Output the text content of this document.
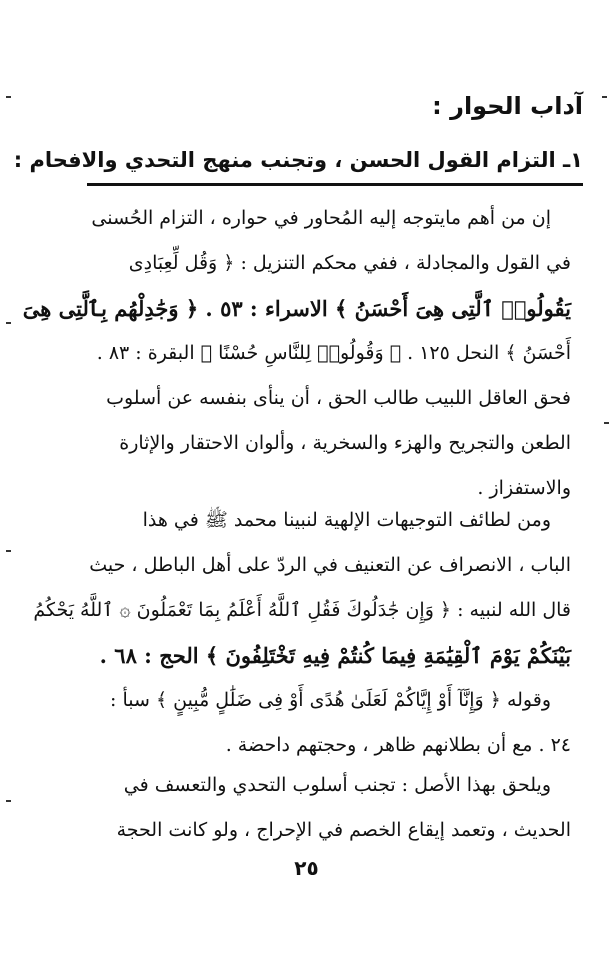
آداب الحوار :
١ـ التزام القول الحسن ، وتجنب منهج التحدي والافحام :
إن من أهم مايتوجه إليه المُحاور في حواره ، التزام الحُسنى
في القول والمجادلة ، ففي محكم التنزيل : ﴿ وَقُل لِّعِبَادِى
يَقُولُوا۟ ٱلَّتِى هِىَ أَحْسَنُ ﴾ الاسراء : ٥٣ . ﴿ وَجَٰدِلْهُم بِٱلَّتِى هِىَ
أَحْسَنُ ﴾ النحل ١٢٥ . ﴿ وَقُولُوا۟ لِلنَّاسِ حُسْنًا ﴾ البقرة : ٨٣ .
فحق العاقل اللبيب طالب الحق ، أن ينأى بنفسه عن أسلوب
الطعن والتجريح والهزء والسخرية ، وألوان الاحتقار والإثارة
والاستفزاز .
ومن لطائف التوجيهات الإلهية لنبينا محمد ﷺ في هذا
الباب ، الانصراف عن التعنيف في الردّ على أهل الباطل ، حيث
قال الله لنبيه : ﴿ وَإِن جَٰدَلُوكَ فَقُلِ ٱللَّهُ أَعْلَمُ بِمَا تَعْمَلُونَ ۞ ٱللَّهُ يَحْكُمُ
بَيْنَكُمْ يَوْمَ ٱلْقِيَٰمَةِ فِيمَا كُنتُمْ فِيهِ تَخْتَلِفُونَ ﴾ الحج : ٦٨ .
وقوله ﴿ وَإِنَّآ أَوْ إِيَّاكُمْ لَعَلَىٰ هُدًى أَوْ فِى ضَلَٰلٍ مُّبِينٍ ﴾ سبأ :
٢٤ . مع أن بطلانهم ظاهر ، وحجتهم داحضة .
ويلحق بهذا الأصل : تجنب أسلوب التحدي والتعسف في
الحديث ، وتعمد إيقاع الخصم في الإحراج ، ولو كانت الحجة
٢٥
